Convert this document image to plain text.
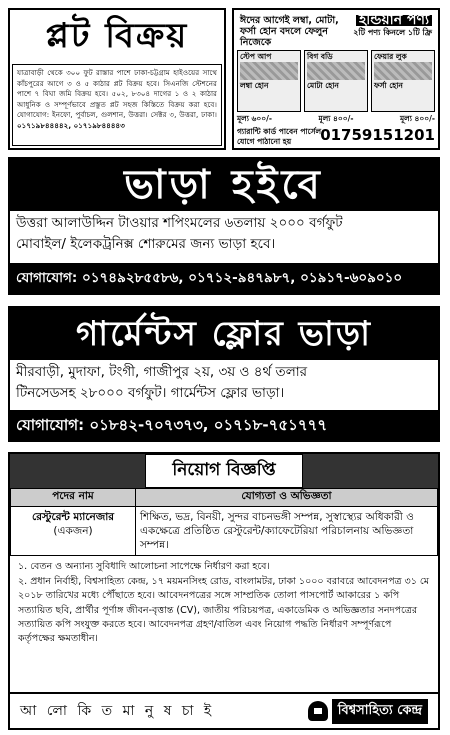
প্লট বিক্রয়
যাত্রাবাড়ী থেকে ৩০০ ফুট রাস্তার পাশে ঢাকা-চট্টগ্রাম হাইওয়ের সাথে কাঁচপুরের আগে ৩ ও ৫ কাঠার প্লট বিক্রয় হবে। সিএনজি স্টেশনের পাশে ৭ বিঘা জমি বিক্রয় হবে। ৫০২, ৮৩০৪ দাগের ১ ও ২ কাঠার আধুনিক ও সম্পূর্ণভাবে প্রস্তুত প্লট সহজ কিস্তিতে বিক্রয় করা হবে। যোগাযোগ: ইনফো, পুর্বাচল, গুলশান, উত্তরা। সেক্টর ৩, উত্তরা, ঢাকা। ০১৭১৯৮৪৪৪৪২, ০১৭১৯৮৪৪৪৪৩
ঈদের আগেই লম্বা, মোটা, ফর্সা হোন বদলে ফেলুন নিজেকে
ইন্ডিয়ান পণ্য
২টি পণ্য কিনলে ১টি ফ্রি
স্টেপ আপ
লম্বা হোন
বিগ বডি
মোটা হোন
ফেয়ার লুক
ফর্সা হোন
মূল্য ৬০০/-	মূল্য ৪০০/-	মূল্য ৪০০/-
গ্যারান্টি কার্ড পাবেন পার্সেল যোগে পাঠানো হয়	01759151201
ভাড়া হইবে
উত্তরা আলাউদ্দিন টাওয়ার শপিংমলের ৬তলায় ২০০০ বর্গফুট
মোবাইল/ ইলেকট্রনিক্স শোরুমের জন্য ভাড়া হবে।
যোগাযোগ: ০১৭৪৯২৮৫৫৮৬, ০১৭১২-৯৪৭৯৮৭, ০১৯১৭-৬০৯০১০
গার্মেন্টস ফ্লোর ভাড়া
মীরবাড়ী, মুদাফা, টংগী, গাজীপুর ২য়, ৩য় ও ৪র্থ তলার
টিনসেডসহ ২৮০০০ বর্গফুট। গার্মেন্টস ফ্লোর ভাড়া।
যোগাযোগ: ০১৮৪২-৭০৭৩৭৩, ০১৭১৮-৭৫১৭৭৭
নিয়োগ বিজ্ঞপ্তি
পদের নাম	যোগ্যতা ও অভিজ্ঞতা

রেস্টুরেন্ট ম্যানেজার
(একজন)	শিক্ষিত, ভদ্র, বিনয়ী, সুন্দর বাচনভঙ্গী সম্পন্ন, সুস্বাস্থ্যের অধিকারী ও একক্ষেত্রে প্রতিষ্ঠিত রেস্টুরেন্ট/ক্যাফেটেরিয়া পরিচালনায় অভিজ্ঞতা সম্পন্ন।
১. বেতন ও অন্যান্য সুবিধাদি আলোচনা সাপেক্ষে নির্ধারণ করা হবে।
২. প্রধান নির্বাহী, বিশ্বসাহিত্য কেন্দ্র, ১৭ ময়মনসিংহ রোড, বাংলামটর, ঢাকা ১০০০ বরাবরে আবেদনপত্র ৩১ মে ২০১৮ তারিখের মধ্যে পৌঁছাতে হবে। আবেদনপত্রের সঙ্গে সাম্প্রতিক তোলা পাসপোর্ট আকারের ১ কপি সত্যায়িত ছবি, প্রার্থীর পূর্ণাঙ্গ জীবন-বৃত্তান্ত (CV), জাতীয় পরিচয়পত্র, একাডেমিক ও অভিজ্ঞতার সনদপত্রের সত্যায়িত কপি সংযুক্ত করতে হবে। আবেদনপত্র গ্রহণ/বাতিল এবং নিয়োগ পদ্ধতি নির্ধারণ সম্পূর্ণরূপে কর্তৃপক্ষের ক্ষমতাধীন।
আ লো কি ত মা নু ষ চা ই	বিশ্বসাহিত্য কেন্দ্র
